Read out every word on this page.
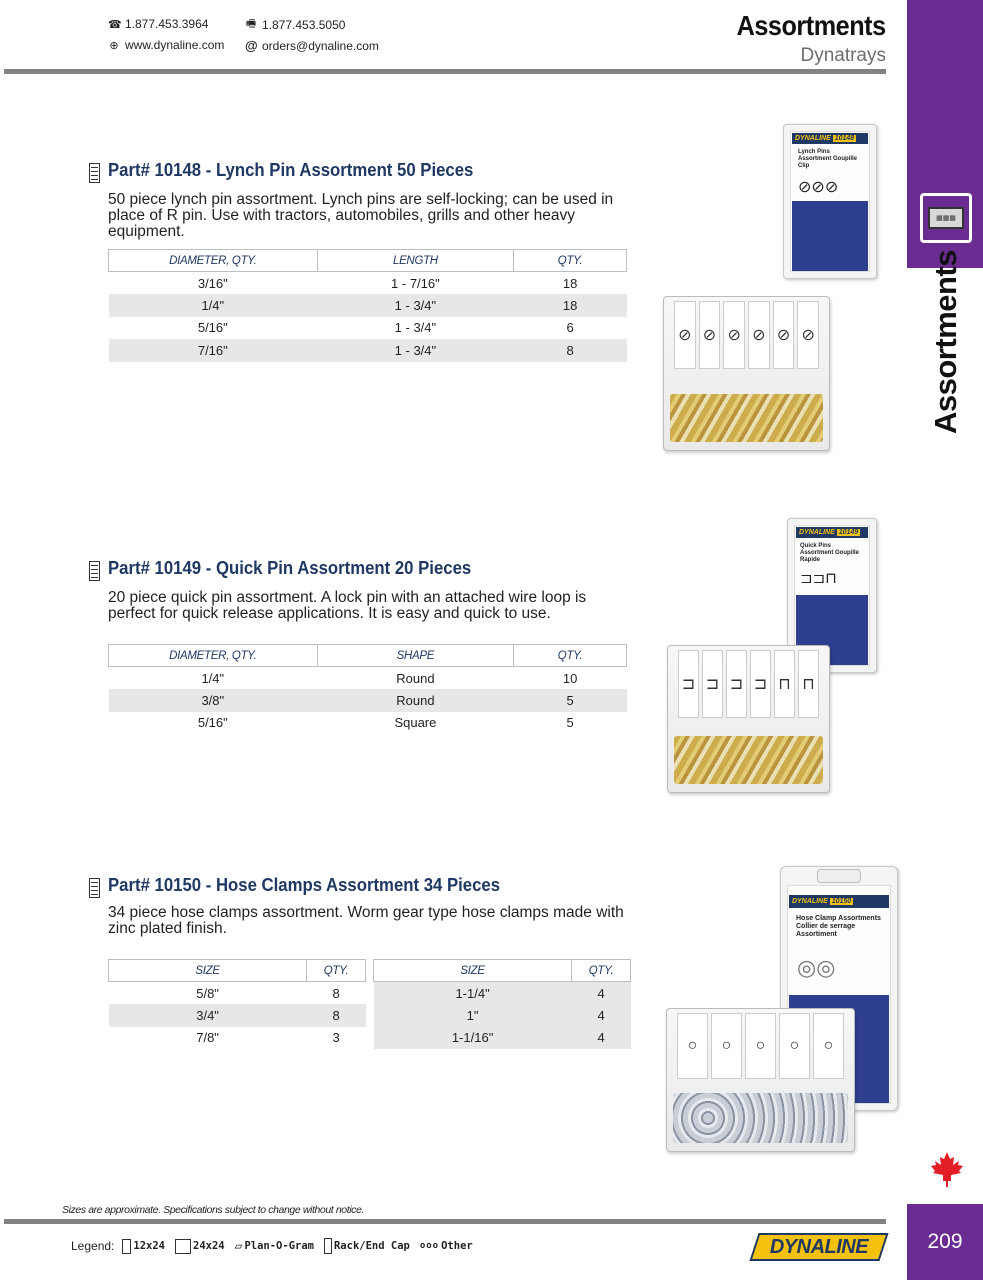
☎ 1.877.453.3964	🖷 1.877.453.5050
⊕ www.dynaline.com @ orders@dynaline.com
Assortments
Dynatrays
▦▦▦
Assortments
Part# 10148 - Lynch Pin Assortment 50 Pieces
50 piece lynch pin assortment. Lynch pins are self-locking; can be used in place of R pin. Use with tractors, automobiles, grills and other heavy equipment.
DIAMETER, QTY.	LENGTH	QTY.
3/16"	1 - 7/16"	18
1/4"	1 - 3/4"	18
5/16"	1 - 3/4"	6
7/16"	1 - 3/4"	8
DYNALINE 10148
Lynch Pins Assortment Goupille Clip
⊘⊘⊘
⊘ ⊘ ⊘ ⊘ ⊘ ⊘
Part# 10149 - Quick Pin Assortment 20 Pieces
20 piece quick pin assortment. A lock pin with an attached wire loop is perfect for quick release applications. It is easy and quick to use.
DIAMETER, QTY.	SHAPE	QTY.
1/4"	Round	10
3/8"	Round	5
5/16"	Square	5
DYNALINE 10149
Quick Pins Assortment Goupille Rapide
⊐⊐⊓
⊐ ⊐ ⊐ ⊐ ⊓ ⊓
Part# 10150 - Hose Clamps Assortment 34 Pieces
34 piece hose clamps assortment. Worm gear type hose clamps made with zinc plated finish.
SIZE	QTY.
5/8"	8
3/4"	8
7/8"	3
SIZE	QTY.
1-1/4"	4
1"	4
1-1/16"	4
DYNALINE 10150
Hose Clamp Assortments Collier de serrage Assortiment
◎◎
○	○	○	○	○
Sizes are approximate. Specifications subject to change without notice.
Legend: 12x24	24x24 ▱ Plan-O-Gram Rack/End Cap ooo Other	DYNALINE	209
